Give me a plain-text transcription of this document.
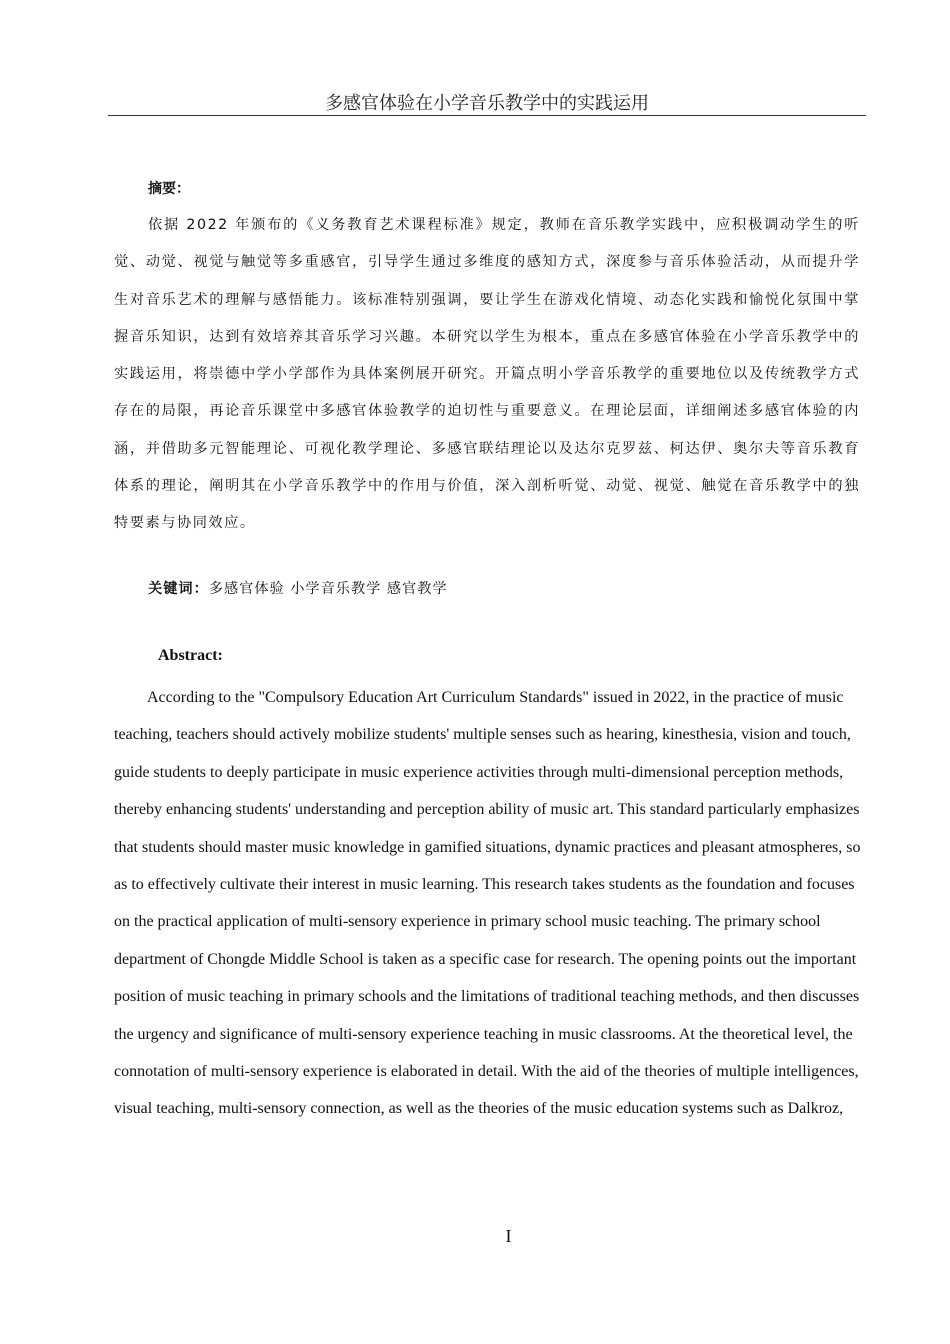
多感官体验在小学音乐教学中的实践运用
摘要：

依据 2022 年颁布的《义务教育艺术课程标准》规定，教师在音乐教学实践中，应积极调动学生的听觉、动觉、视觉与触觉等多重感官，引导学生通过多维度的感知方式，深度参与音乐体验活动，从而提升学生对音乐艺术的理解与感悟能力。该标准特别强调，要让学生在游戏化情境、动态化实践和愉悦化氛围中掌握音乐知识，达到有效培养其音乐学习兴趣。本研究以学生为根本，重点在多感官体验在小学音乐教学中的实践运用，将崇德中学小学部作为具体案例展开研究。开篇点明小学音乐教学的重要地位以及传统教学方式存在的局限，再论音乐课堂中多感官体验教学的迫切性与重要意义。在理论层面，详细阐述多感官体验的内涵，并借助多元智能理论、可视化教学理论、多感官联结理论以及达尔克罗兹、柯达伊、奥尔夫等音乐教育体系的理论，阐明其在小学音乐教学中的作用与价值，深入剖析听觉、动觉、视觉、触觉在音乐教学中的独特要素与协同效应。

关键词：多感官体验 小学音乐教学 感官教学
Abstract:

According to the "Compulsory Education Art Curriculum Standards" issued in 2022, in the practice of music teaching, teachers should actively mobilize students' multiple senses such as hearing, kinesthesia, vision and touch, guide students to deeply participate in music experience activities through multi-dimensional perception methods, thereby enhancing students' understanding and perception ability of music art. This standard particularly emphasizes that students should master music knowledge in gamified situations, dynamic practices and pleasant atmospheres, so as to effectively cultivate their interest in music learning. This research takes students as the foundation and focuses on the practical application of multi-sensory experience in primary school music teaching. The primary school department of Chongde Middle School is taken as a specific case for research. The opening points out the important position of music teaching in primary schools and the limitations of traditional teaching methods, and then discusses the urgency and significance of multi-sensory experience teaching in music classrooms. At the theoretical level, the connotation of multi-sensory experience is elaborated in detail. With the aid of the theories of multiple intelligences, visual teaching, multi-sensory connection, as well as the theories of the music education systems such as Dalkroz,

I
